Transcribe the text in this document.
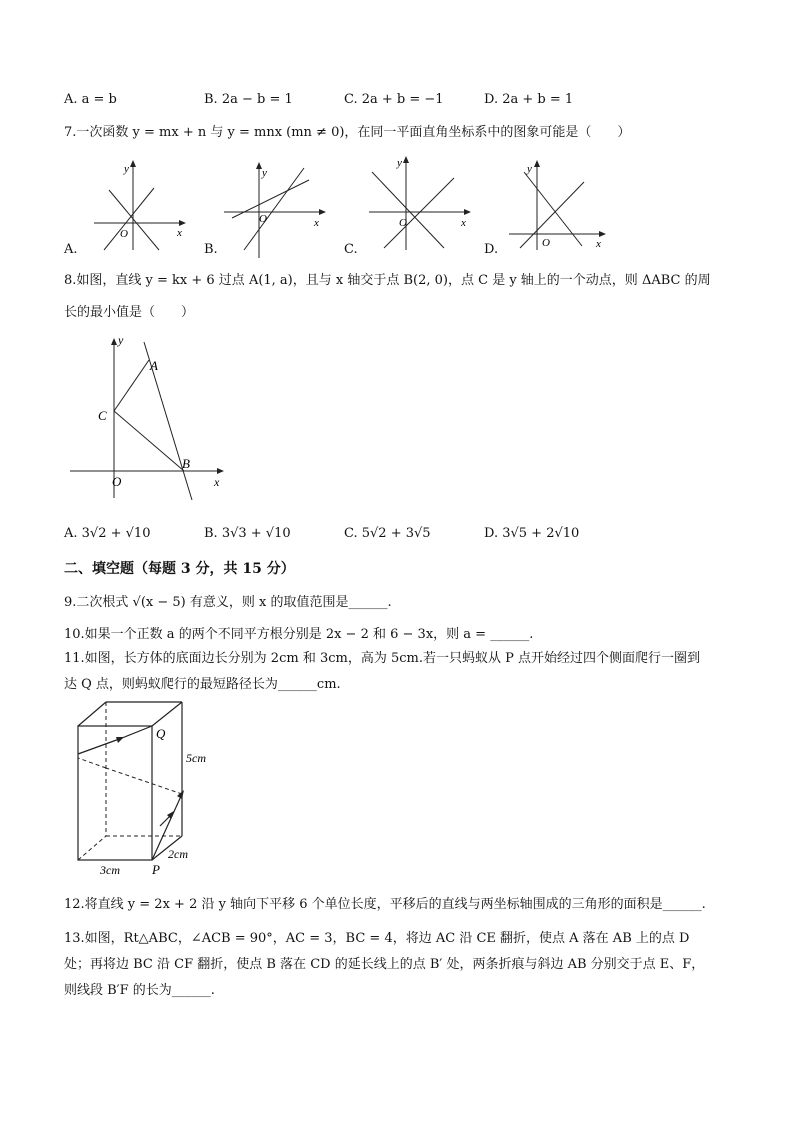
A. a = b	B. 2a − b = 1	C. 2a + b = −1	D. 2a + b = 1
7.一次函数 y = mx + n 与 y = mnx (mn ≠ 0)，在同一平面直角坐标系中的图象可能是（　　）
y
x
O
A.
y
x
O
B.
y
x
O
C.
y
x
O
D.
8.如图，直线 y = kx + 6 过点 A(1, a)，且与 x 轴交于点 B(2, 0)，点 C 是 y 轴上的一个动点，则 ΔABC 的周
长的最小值是（　　）
y
x
A
B
C
O
A. 3√2 + √10	B. 3√3 + √10	C. 5√2 + 3√5	D. 3√5 + 2√10
二、填空题（每题 3 分，共 15 分）
9.二次根式 √(x − 5) 有意义，则 x 的取值范围是______.
10.如果一个正数 a 的两个不同平方根分别是 2x − 2 和 6 − 3x，则 a = ______.
11.如图，长方体的底面边长分别为 2cm 和 3cm，高为 5cm.若一只蚂蚁从 P 点开始经过四个侧面爬行一圈到
达 Q 点，则蚂蚁爬行的最短路径长为______cm.
Q
P
5cm
3cm
2cm
12.将直线 y = 2x + 2 沿 y 轴向下平移 6 个单位长度，平移后的直线与两坐标轴围成的三角形的面积是______.
13.如图，Rt△ABC，∠ACB = 90°，AC = 3，BC = 4，将边 AC 沿 CE 翻折，使点 A 落在 AB 上的点 D
处；再将边 BC 沿 CF 翻折，使点 B 落在 CD 的延长线上的点 B′ 处，两条折痕与斜边 AB 分别交于点 E、F，
则线段 B′F 的长为______.
